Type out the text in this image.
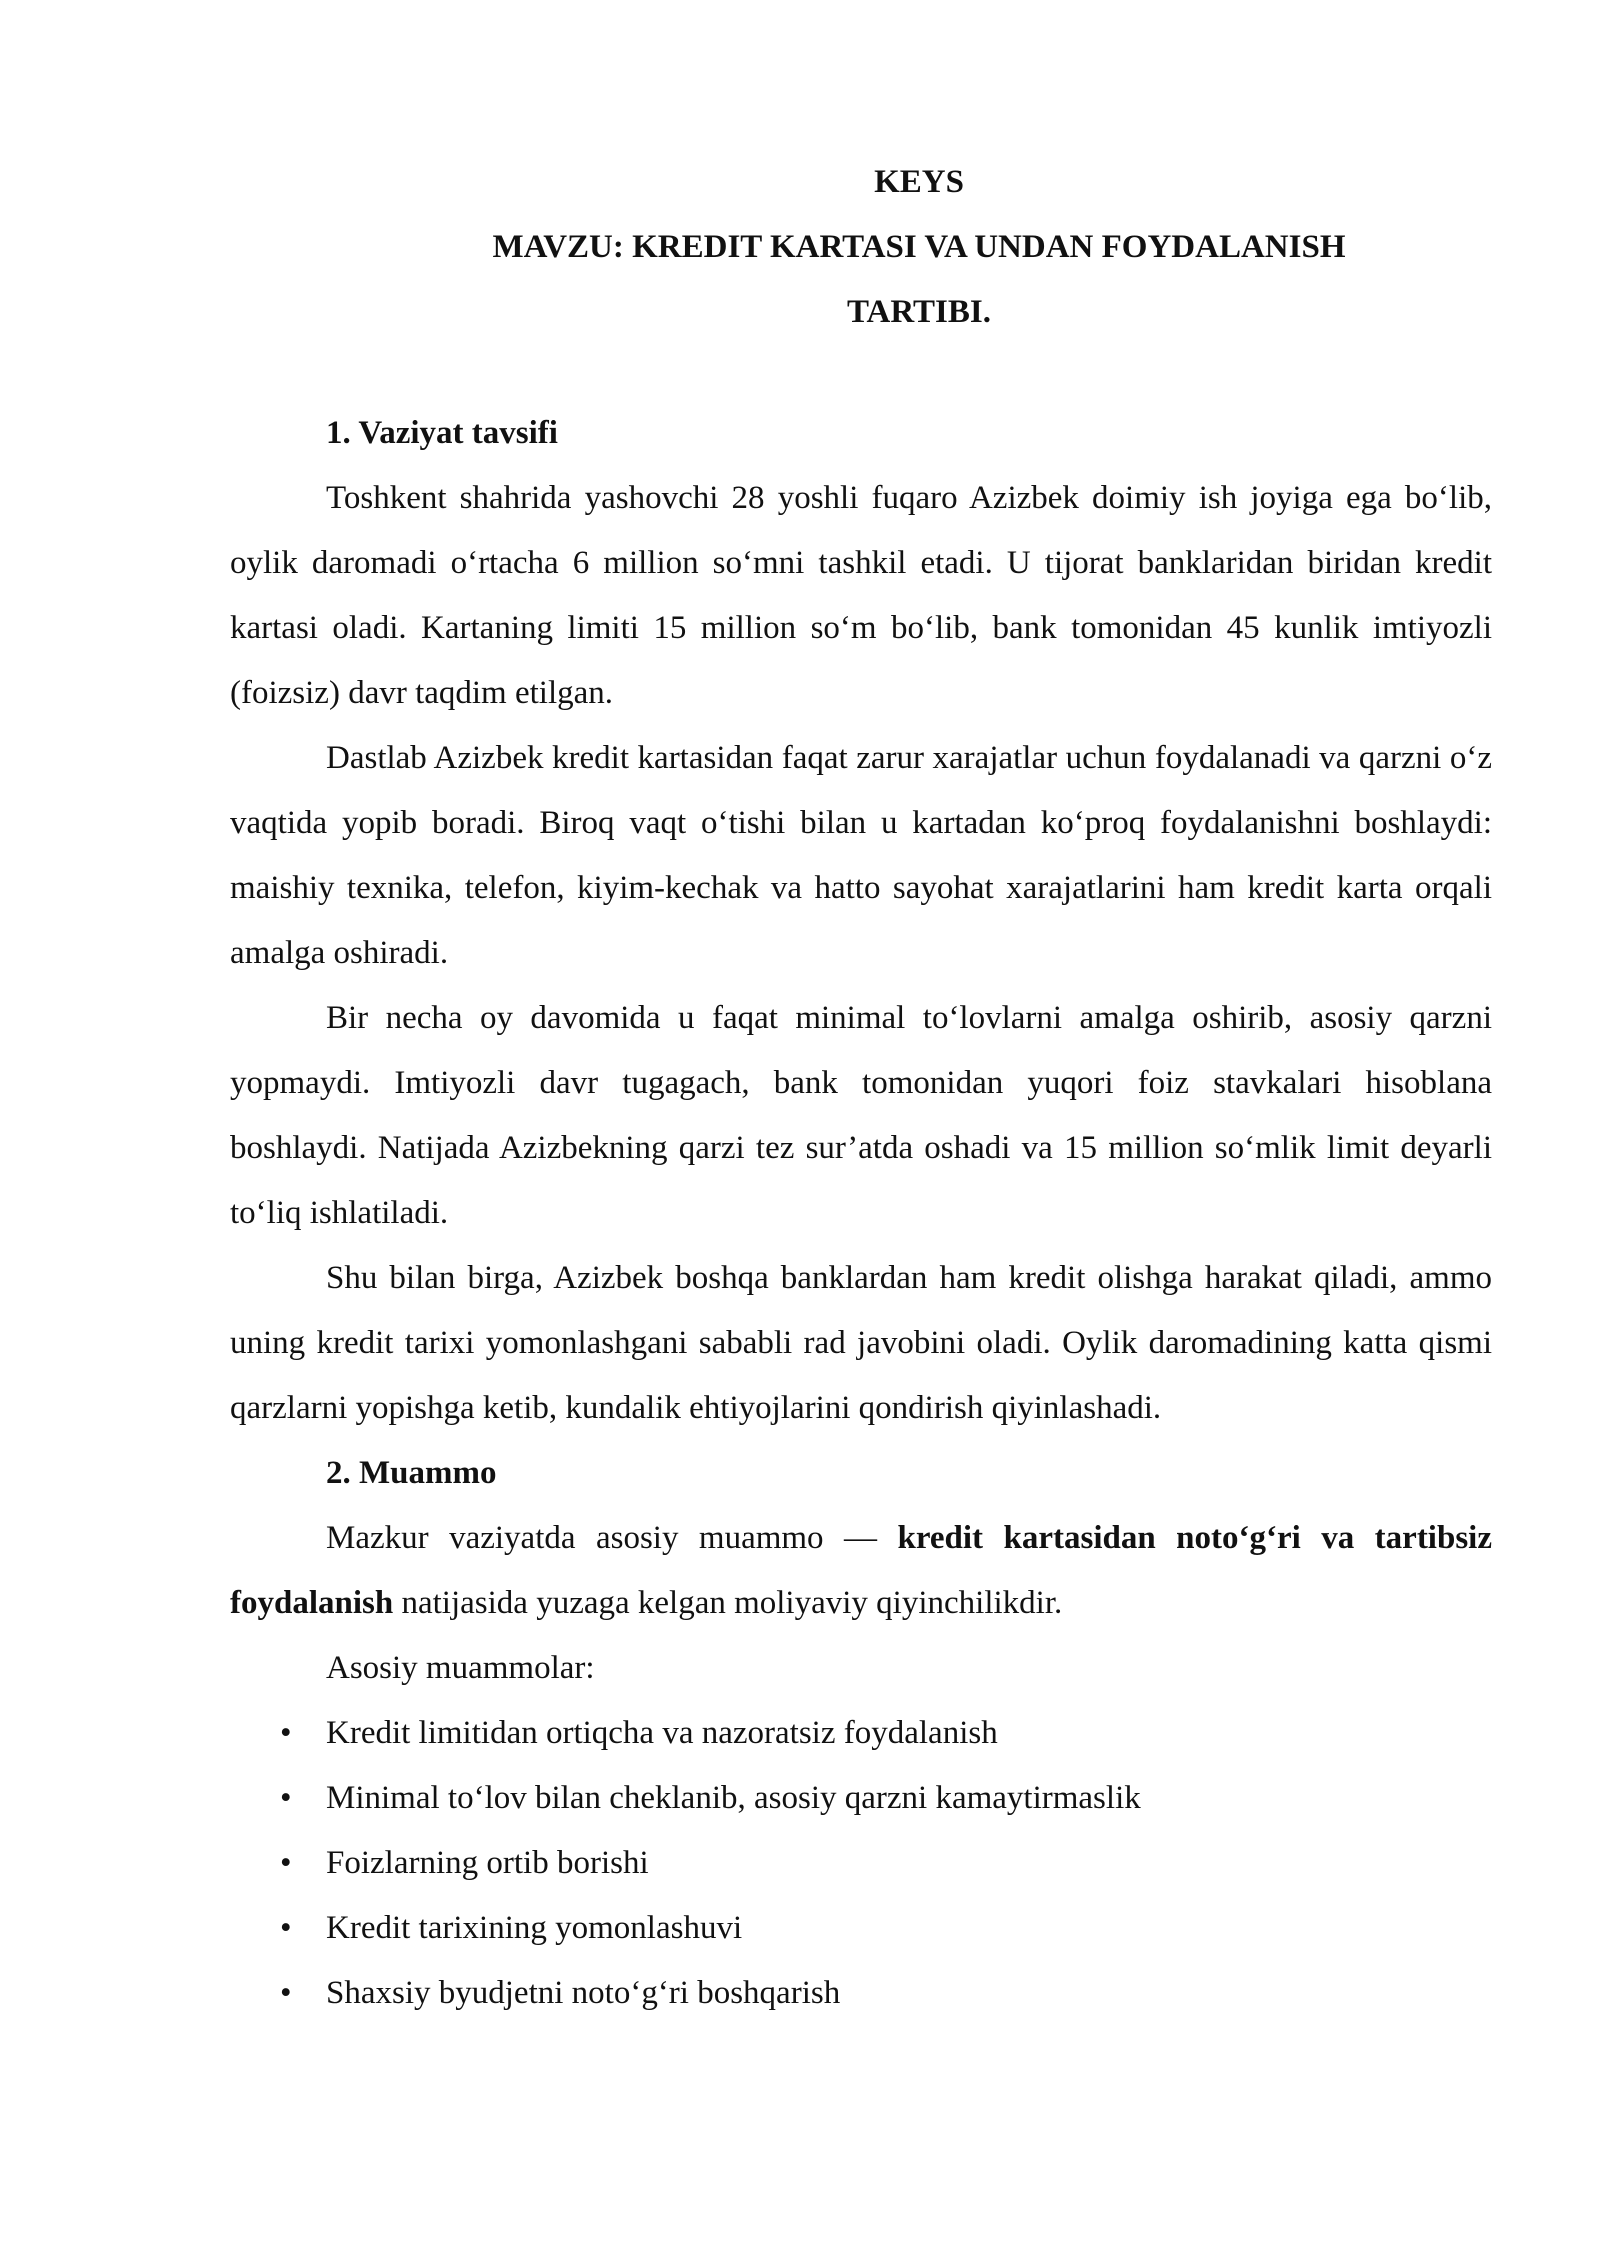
KEYS
MAVZU: KREDIT KARTASI VA UNDAN FOYDALANISH
TARTIBI.
1. Vaziyat tavsifi

Toshkent shahrida yashovchi 28 yoshli fuqaro Azizbek doimiy ish joyiga ega bo‘lib, oylik daromadi o‘rtacha 6 million so‘mni tashkil etadi. U tijorat banklaridan biridan kredit kartasi oladi. Kartaning limiti 15 million so‘m bo‘lib, bank tomonidan 45 kunlik imtiyozli (foizsiz) davr taqdim etilgan.

Dastlab Azizbek kredit kartasidan faqat zarur xarajatlar uchun foydalanadi va qarzni o‘z vaqtida yopib boradi. Biroq vaqt o‘tishi bilan u kartadan ko‘proq foydalanishni boshlaydi: maishiy texnika, telefon, kiyim-kechak va hatto sayohat xarajatlarini ham kredit karta orqali amalga oshiradi.

Bir necha oy davomida u faqat minimal to‘lovlarni amalga oshirib, asosiy qarzni yopmaydi. Imtiyozli davr tugagach, bank tomonidan yuqori foiz stavkalari hisoblana boshlaydi. Natijada Azizbekning qarzi tez sur’atda oshadi va 15 million so‘mlik limit deyarli to‘liq ishlatiladi.

Shu bilan birga, Azizbek boshqa banklardan ham kredit olishga harakat qiladi, ammo uning kredit tarixi yomonlashgani sababli rad javobini oladi. Oylik daromadining katta qismi qarzlarni yopishga ketib, kundalik ehtiyojlarini qondirish qiyinlashadi.

2. Muammo

Mazkur vaziyatda asosiy muammo — kredit kartasidan noto‘g‘ri va tartibsiz foydalanish natijasida yuzaga kelgan moliyaviy qiyinchilikdir.

Asosiy muammolar:

• Kredit limitidan ortiqcha va nazoratsiz foydalanish
• Minimal to‘lov bilan cheklanib, asosiy qarzni kamaytirmaslik
• Foizlarning ortib borishi
• Kredit tarixining yomonlashuvi
• Shaxsiy byudjetni noto‘g‘ri boshqarish
